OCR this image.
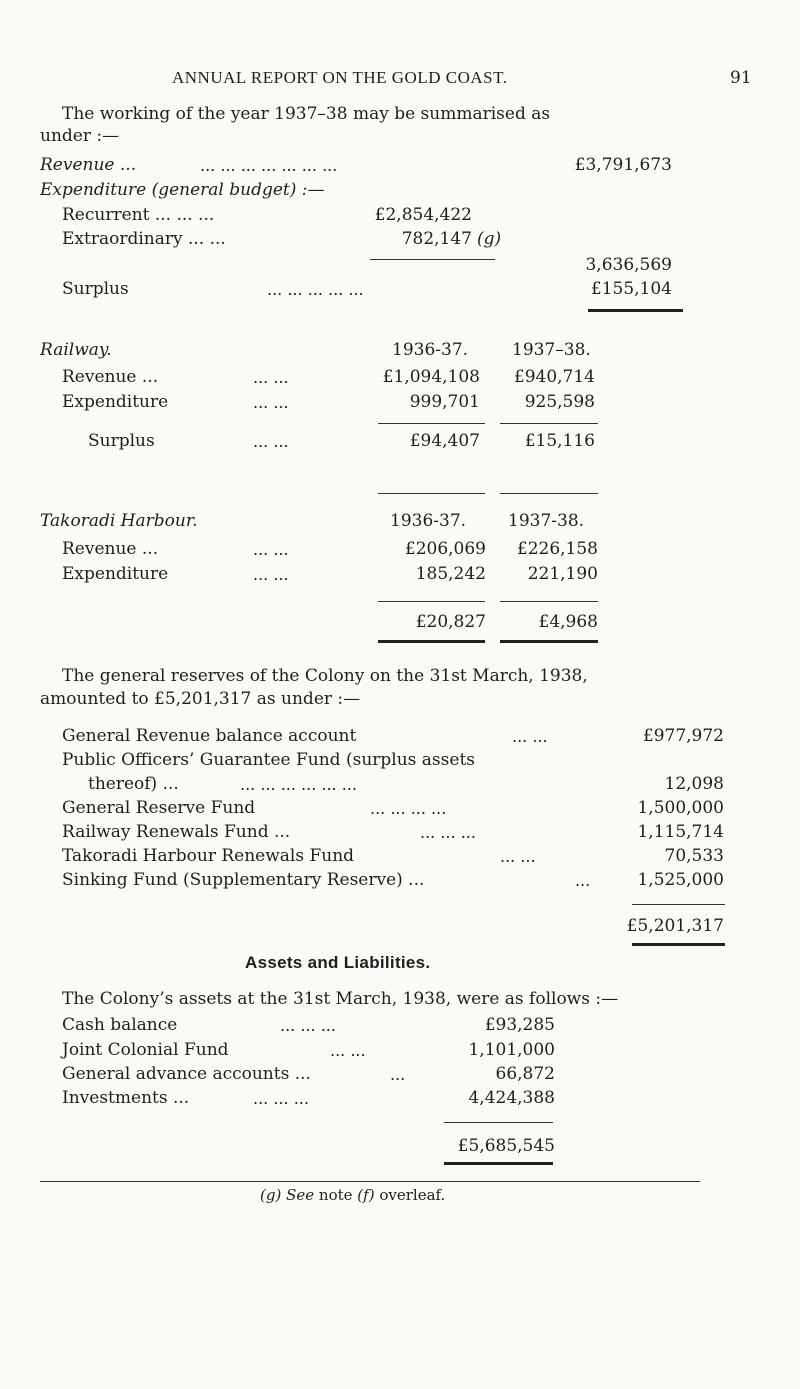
ANNUAL REPORT ON THE GOLD COAST.	91
The working of the year 1937–38 may be summarised as
under :—
Revenue ...	... ... ... ... ... ... ...	£3,791,673
Expenditure (general budget) :—
Recurrent ... ... ...	£2,854,422
Extraordinary ... ...	782,147 (g)
3,636,569
Surplus	... ... ... ... ...	£155,104
Railway.	1936-37.	1937–38.
Revenue ...	... ...	£1,094,108 £940,714
Expenditure	... ...	999,701	925,598
Surplus	... ...	£94,407	£15,116
Takoradi Harbour.	1936-37. 1937-38.
Revenue ...	... ...	£206,069 £226,158
Expenditure	... ...	185,242 221,190
£20,827	£4,968
The general reserves of the Colony on the 31st March, 1938,
amounted to £5,201,317 as under :—
General Revenue balance account	... ...	£977,972
Public Officers’ Guarantee Fund (surplus assets
thereof) ...	... ... ... ... ... ...	12,098
General Reserve Fund	... ... ... ...	1,500,000
Railway Renewals Fund ...	... ... ...	1,115,714
Takoradi Harbour Renewals Fund	... ...	70,533
Sinking Fund (Supplementary Reserve) ...	...	1,525,000
£5,201,317
Assets and Liabilities.
The Colony’s assets at the 31st March, 1938, were as follows :—
Cash balance	... ... ...	£93,285
Joint Colonial Fund	... ...	1,101,000
General advance accounts ...	...	66,872
Investments ...	... ... ...	4,424,388
£5,685,545
(g) See note (f) overleaf.
